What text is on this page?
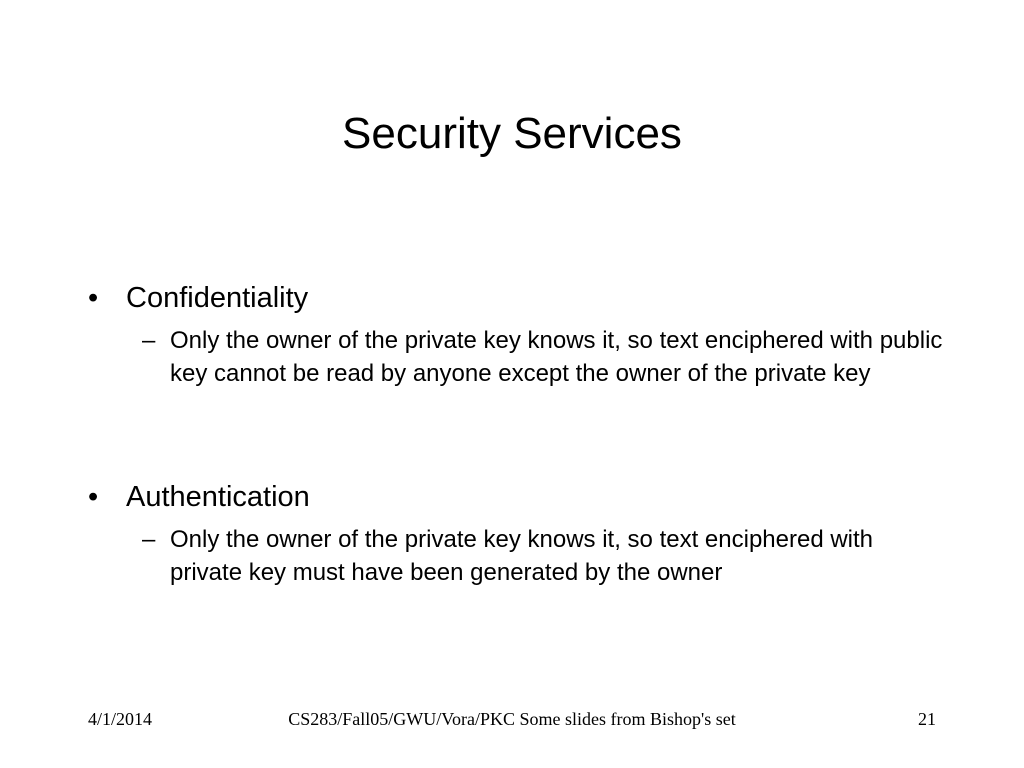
Security Services
• Confidentiality
– Only the owner of the private key knows it, so text enciphered with public key cannot be read by anyone except the owner of the private key
• Authentication
– Only the owner of the private key knows it, so text enciphered with private key must have been generated by the owner
4/1/2014	CS283/Fall05/GWU/Vora/PKC Some slides from Bishop's set	21
